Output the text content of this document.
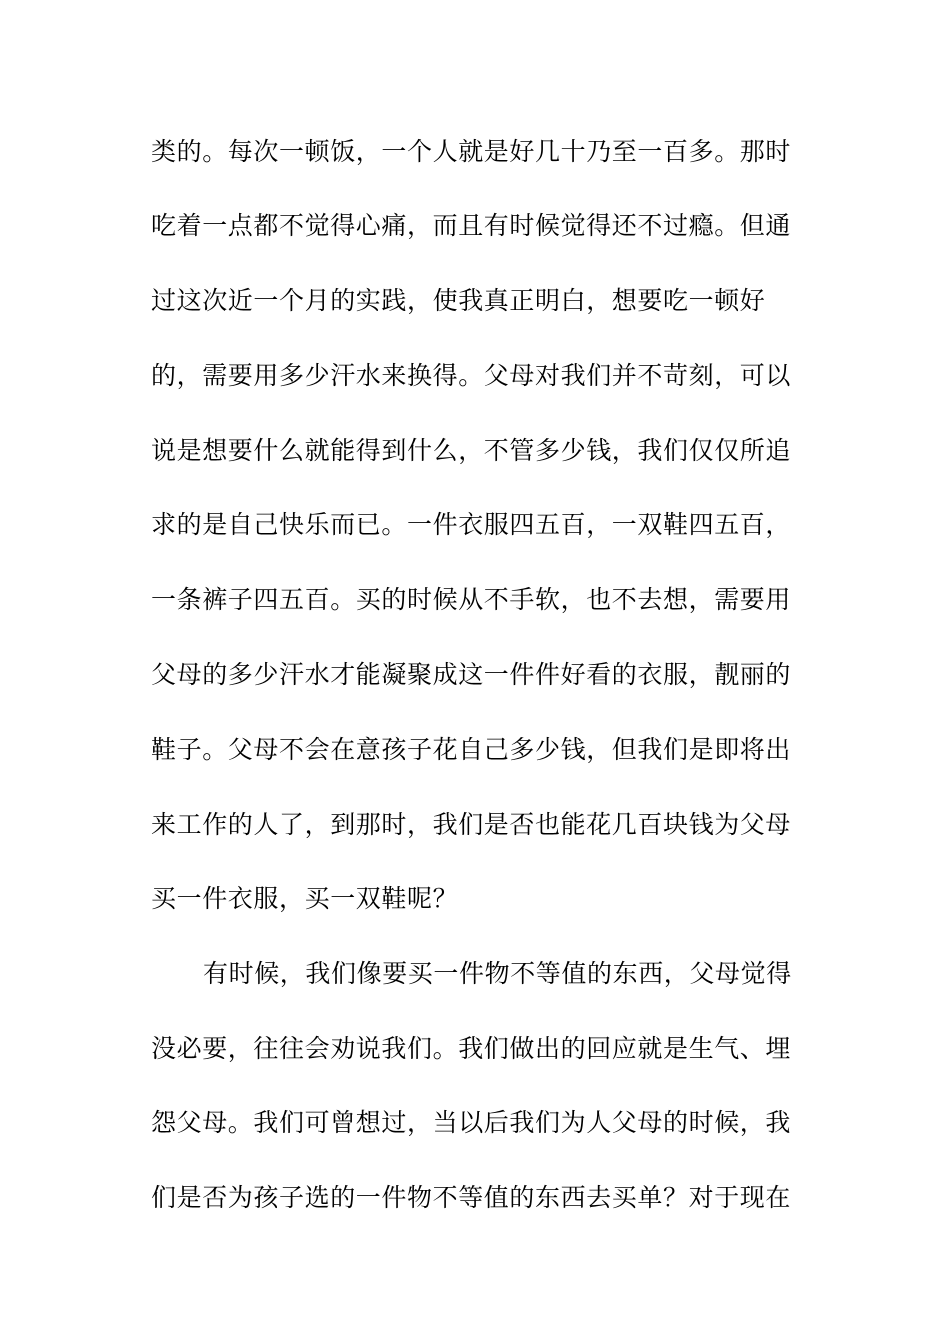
类的。每次一顿饭，一个人就是好几十乃至一百多。那时
吃着一点都不觉得心痛，而且有时候觉得还不过瘾。但通
过这次近一个月的实践，使我真正明白，想要吃一顿好
的，需要用多少汗水来换得。父母对我们并不苛刻，可以
说是想要什么就能得到什么，不管多少钱，我们仅仅所追
求的是自己快乐而已。一件衣服四五百，一双鞋四五百，
一条裤子四五百。买的时候从不手软，也不去想，需要用
父母的多少汗水才能凝聚成这一件件好看的衣服，靓丽的
鞋子。父母不会在意孩子花自己多少钱，但我们是即将出
来工作的人了，到那时，我们是否也能花几百块钱为父母
买一件衣服，买一双鞋呢？
有时候，我们像要买一件物不等值的东西，父母觉得
没必要，往往会劝说我们。我们做出的回应就是生气、埋
怨父母。我们可曾想过，当以后我们为人父母的时候，我
们是否为孩子选的一件物不等值的东西去买单？对于现在
